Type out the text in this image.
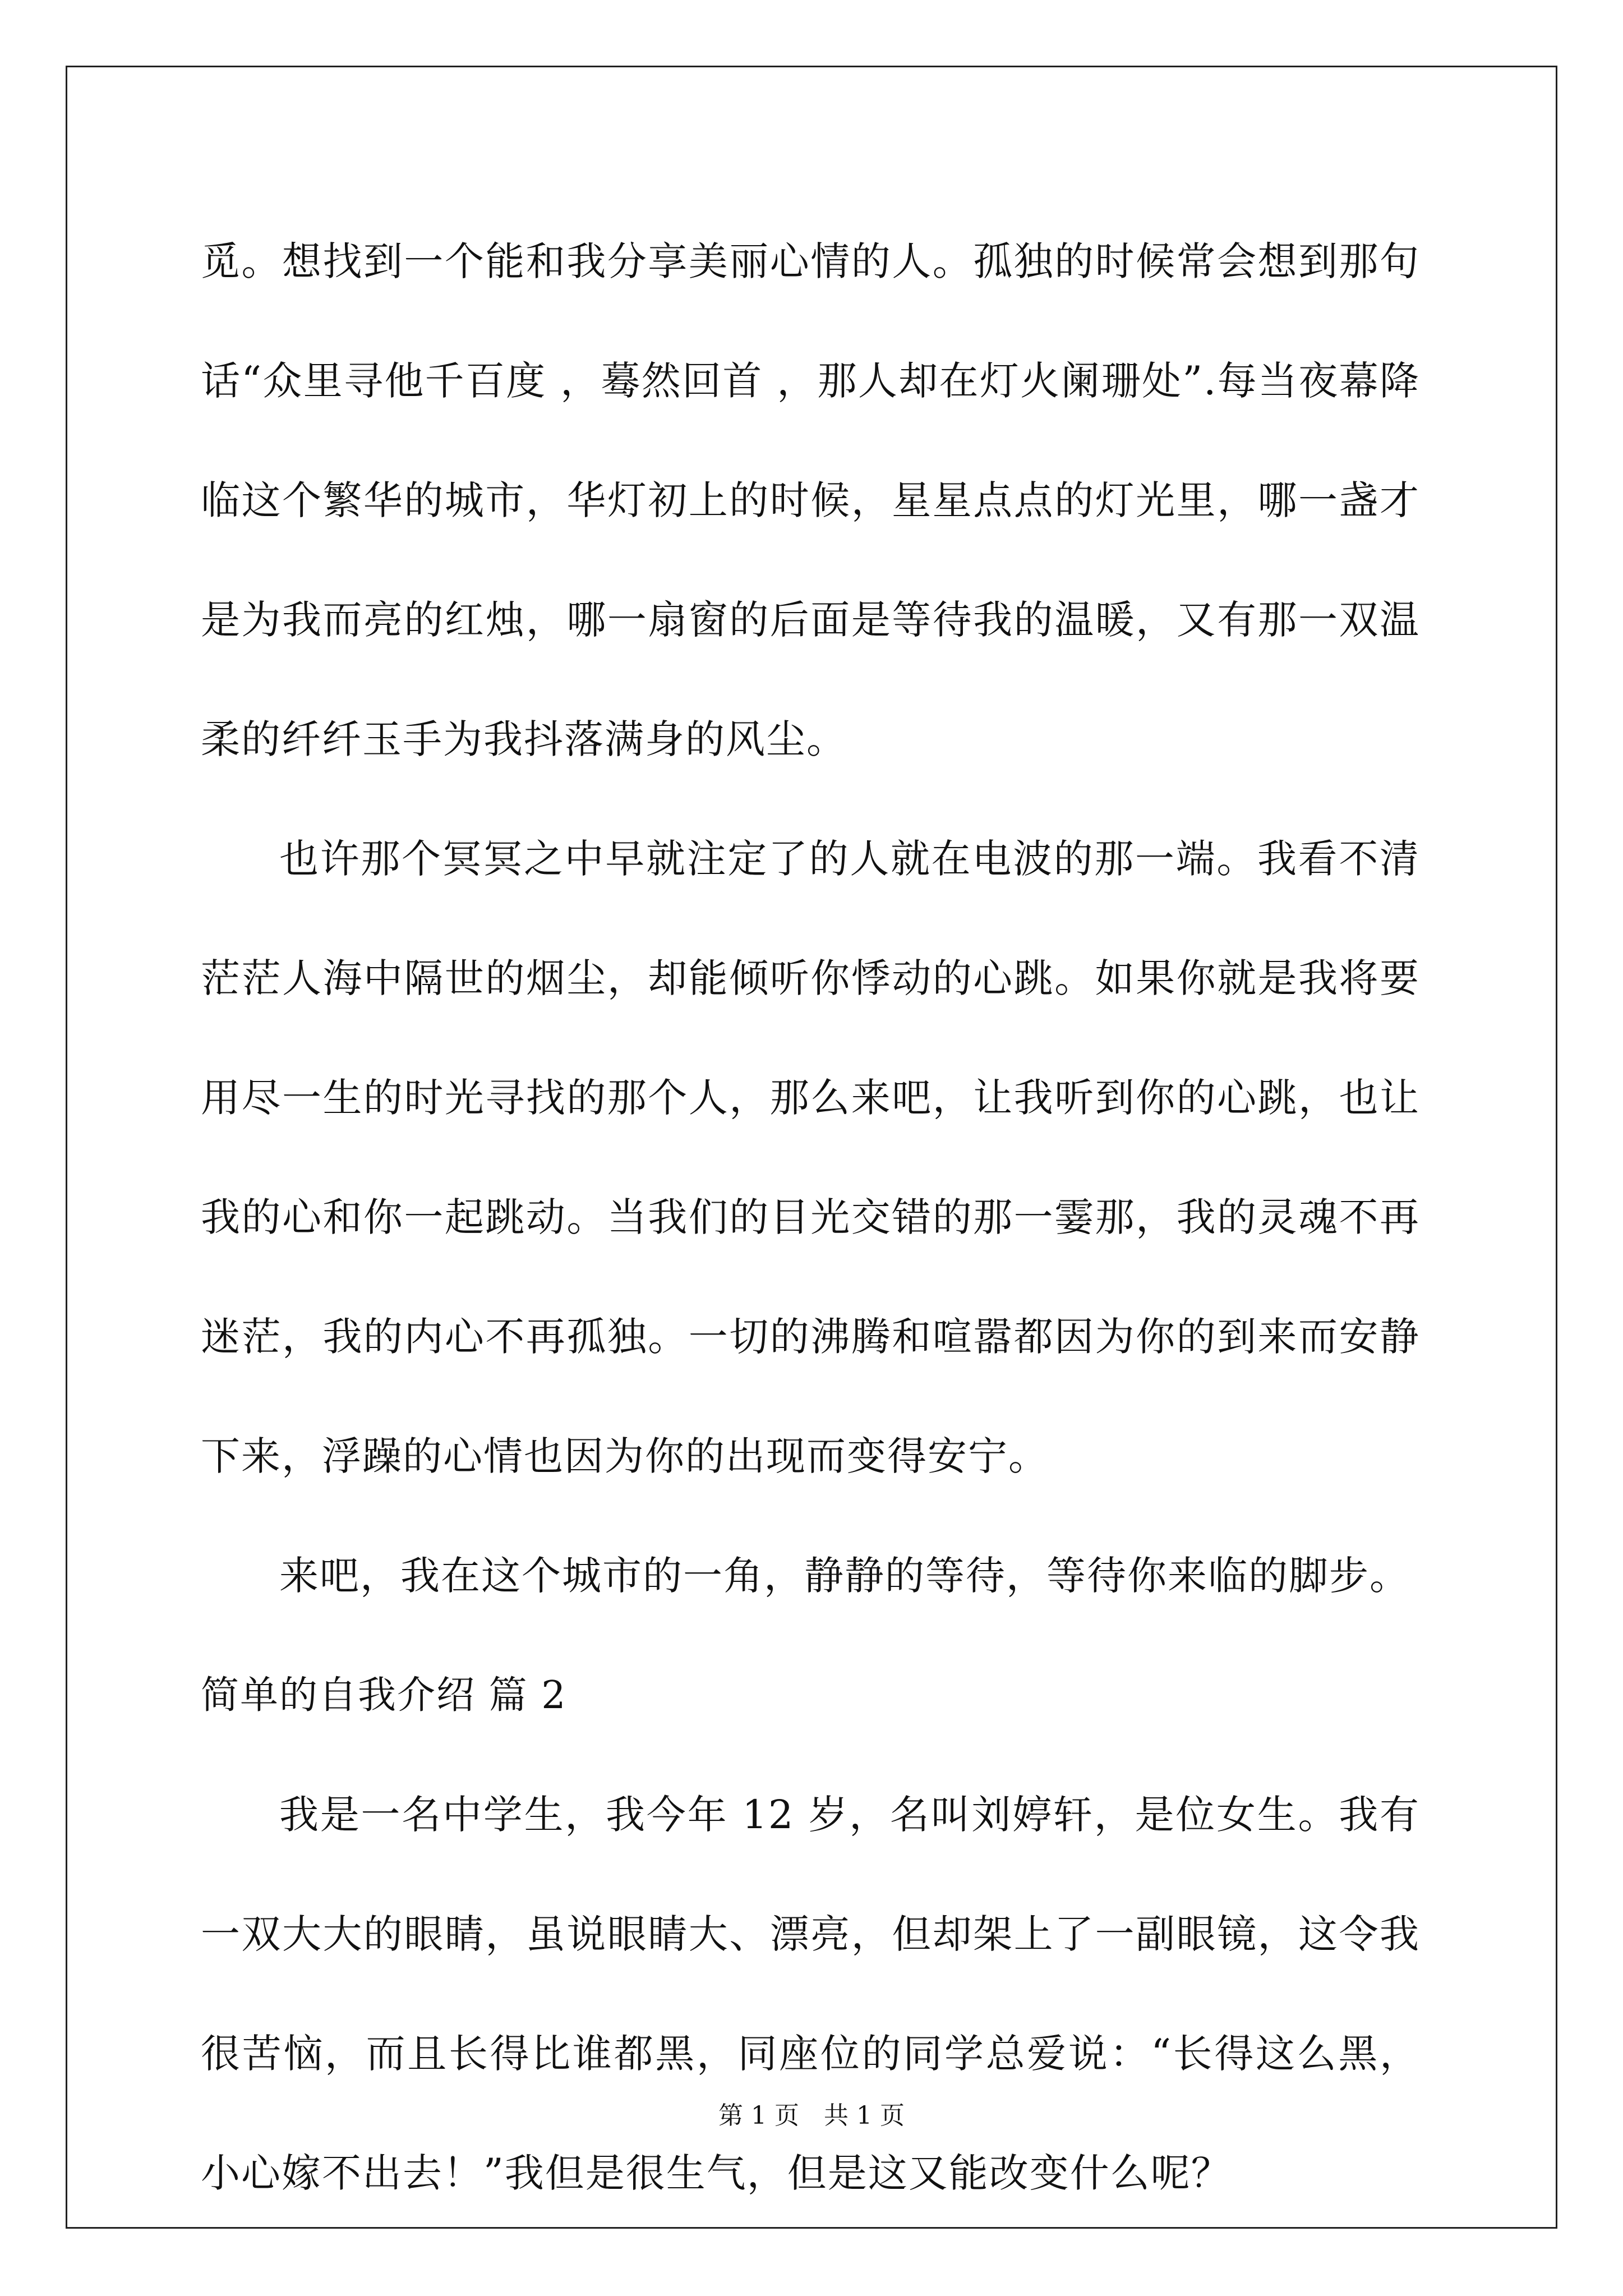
觅。想找到一个能和我分享美丽心情的人。孤独的时候常会想到那句话“众里寻他千百度 ，蓦然回首 ，那人却在灯火阑珊处”.每当夜幕降临这个繁华的城市，华灯初上的时候，星星点点的灯光里，哪一盏才是为我而亮的红烛，哪一扇窗的后面是等待我的温暖，又有那一双温柔的纤纤玉手为我抖落满身的风尘。

也许那个冥冥之中早就注定了的人就在电波的那一端。我看不清茫茫人海中隔世的烟尘，却能倾听你悸动的心跳。如果你就是我将要用尽一生的时光寻找的那个人，那么来吧，让我听到你的心跳，也让我的心和你一起跳动。当我们的目光交错的那一霎那，我的灵魂不再迷茫，我的内心不再孤独。一切的沸腾和喧嚣都因为你的到来而安静下来，浮躁的心情也因为你的出现而变得安宁。

来吧，我在这个城市的一角，静静的等待，等待你来临的脚步。

简单的自我介绍 篇 2

我是一名中学生，我今年 12 岁，名叫刘婷轩，是位女生。我有一双大大的眼睛，虽说眼睛大、漂亮，但却架上了一副眼镜，这令我很苦恼，而且长得比谁都黑，同座位的同学总爱说：“长得这么黑，小心嫁不出去！”我但是很生气，但是这又能改变什么呢？

第 1 页 共 1 页
